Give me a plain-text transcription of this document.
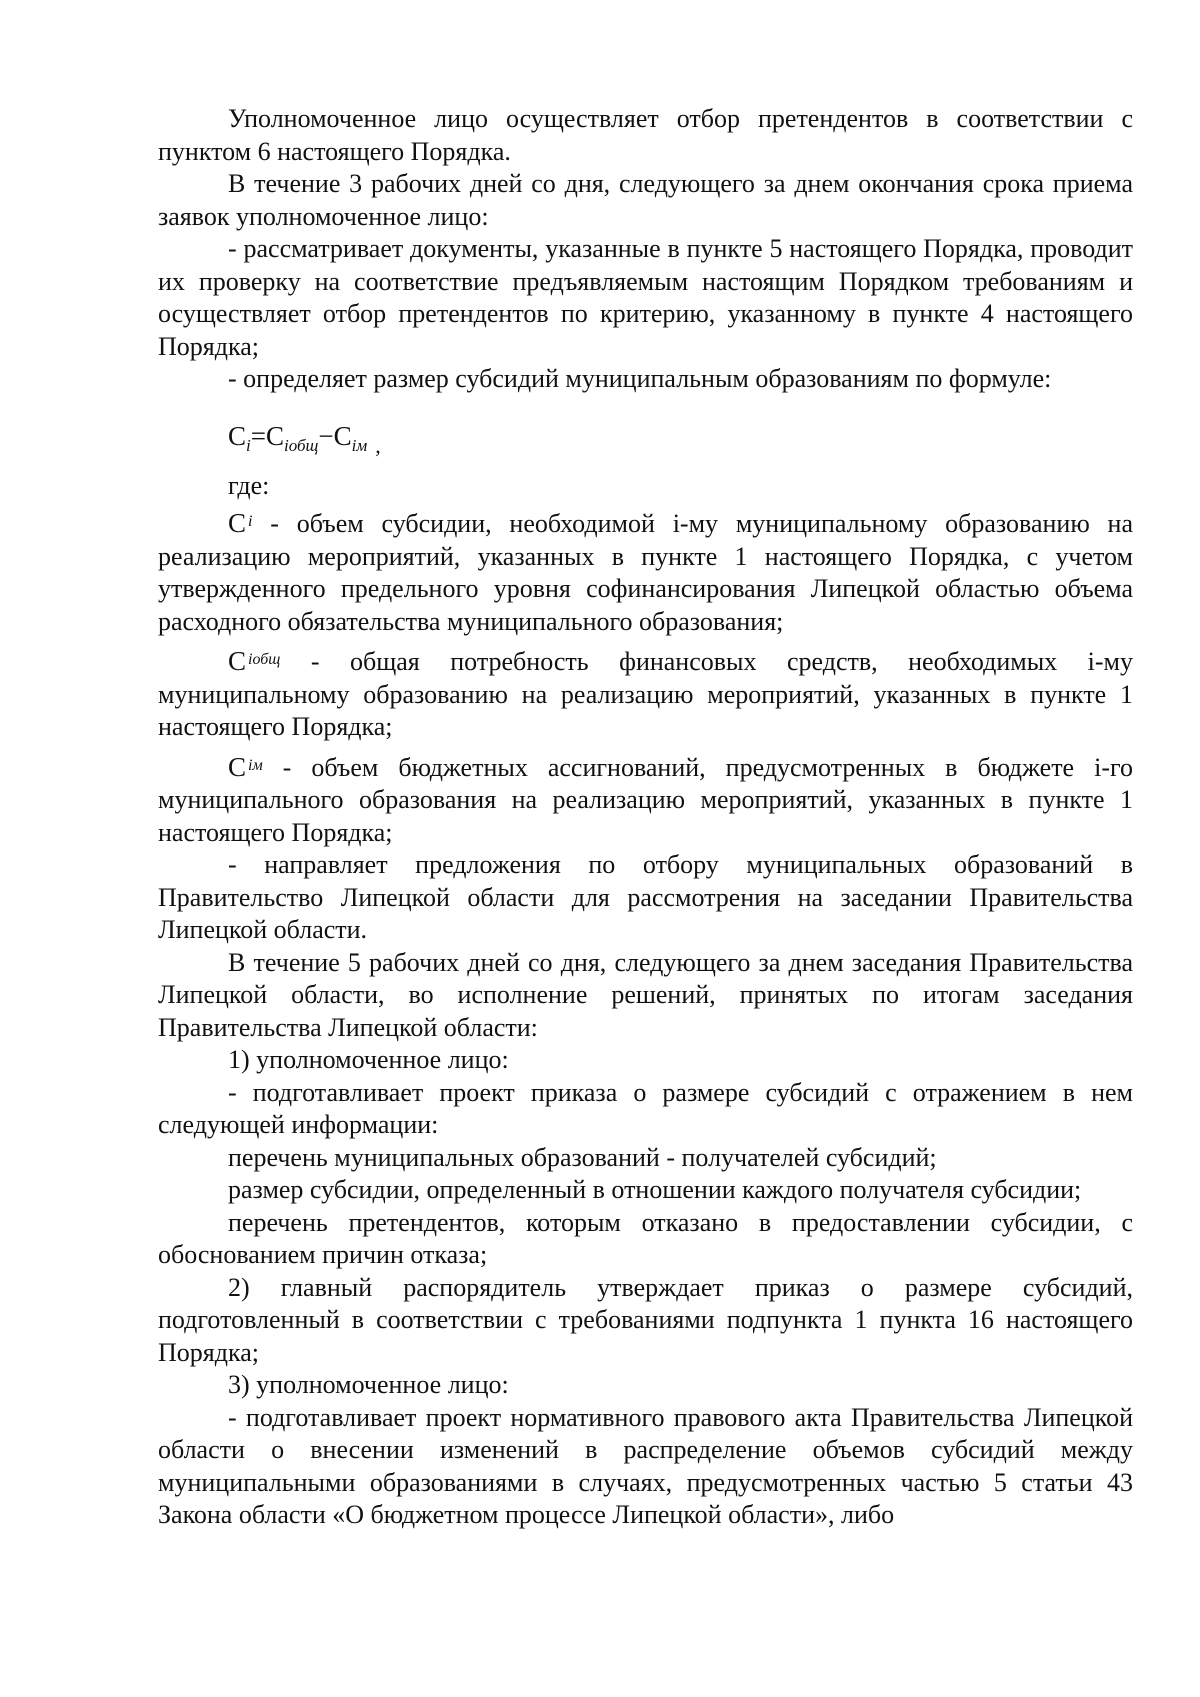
Уполномоченное лицо осуществляет отбор претендентов в соответствии с пунктом 6 настоящего Порядка.

В течение 3 рабочих дней со дня, следующего за днем окончания срока приема заявок уполномоченное лицо:

- рассматривает документы, указанные в пункте 5 настоящего Порядка, проводит их проверку на соответствие предъявляемым настоящим Порядком требованиям и осуществляет отбор претендентов по критерию, указанному в пункте 4 настоящего Порядка;

- определяет размер субсидий муниципальным образованиям по формуле:

$C_i=C_{iобщ}-C_{iм}$ $_,$

где:

C $^i$ - объем субсидии, необходимой i-му муниципальному образованию на реализацию мероприятий, указанных в пункте 1 настоящего Порядка, с учетом утвержденного предельного уровня софинансирования Липецкой областью объема расходного обязательства муниципального образования;

C $^{iобщ}$ - общая потребность финансовых средств, необходимых i-му муниципальному образованию на реализацию мероприятий, указанных в пункте 1 настоящего Порядка;

C $^{iм}$ - объем бюджетных ассигнований, предусмотренных в бюджете i-го муниципального образования на реализацию мероприятий, указанных в пункте 1 настоящего Порядка;

- направляет предложения по отбору муниципальных образований в Правительство Липецкой области для рассмотрения на заседании Правительства Липецкой области.

В течение 5 рабочих дней со дня, следующего за днем заседания Правительства Липецкой области, во исполнение решений, принятых по итогам заседания Правительства Липецкой области:

1) уполномоченное лицо:

- подготавливает проект приказа о размере субсидий с отражением в нем следующей информации:

перечень муниципальных образований - получателей субсидий;

размер субсидии, определенный в отношении каждого получателя субсидии;

перечень претендентов, которым отказано в предоставлении субсидии, с обоснованием причин отказа;

2) главный распорядитель утверждает приказ о размере субсидий, подготовленный в соответствии с требованиями подпункта 1 пункта 16 настоящего Порядка;

3) уполномоченное лицо:

- подготавливает проект нормативного правового акта Правительства Липецкой области о внесении изменений в распределение объемов субсидий между муниципальными образованиями в случаях, предусмотренных частью 5 статьи 43 Закона области «О бюджетном процессе Липецкой области», либо
